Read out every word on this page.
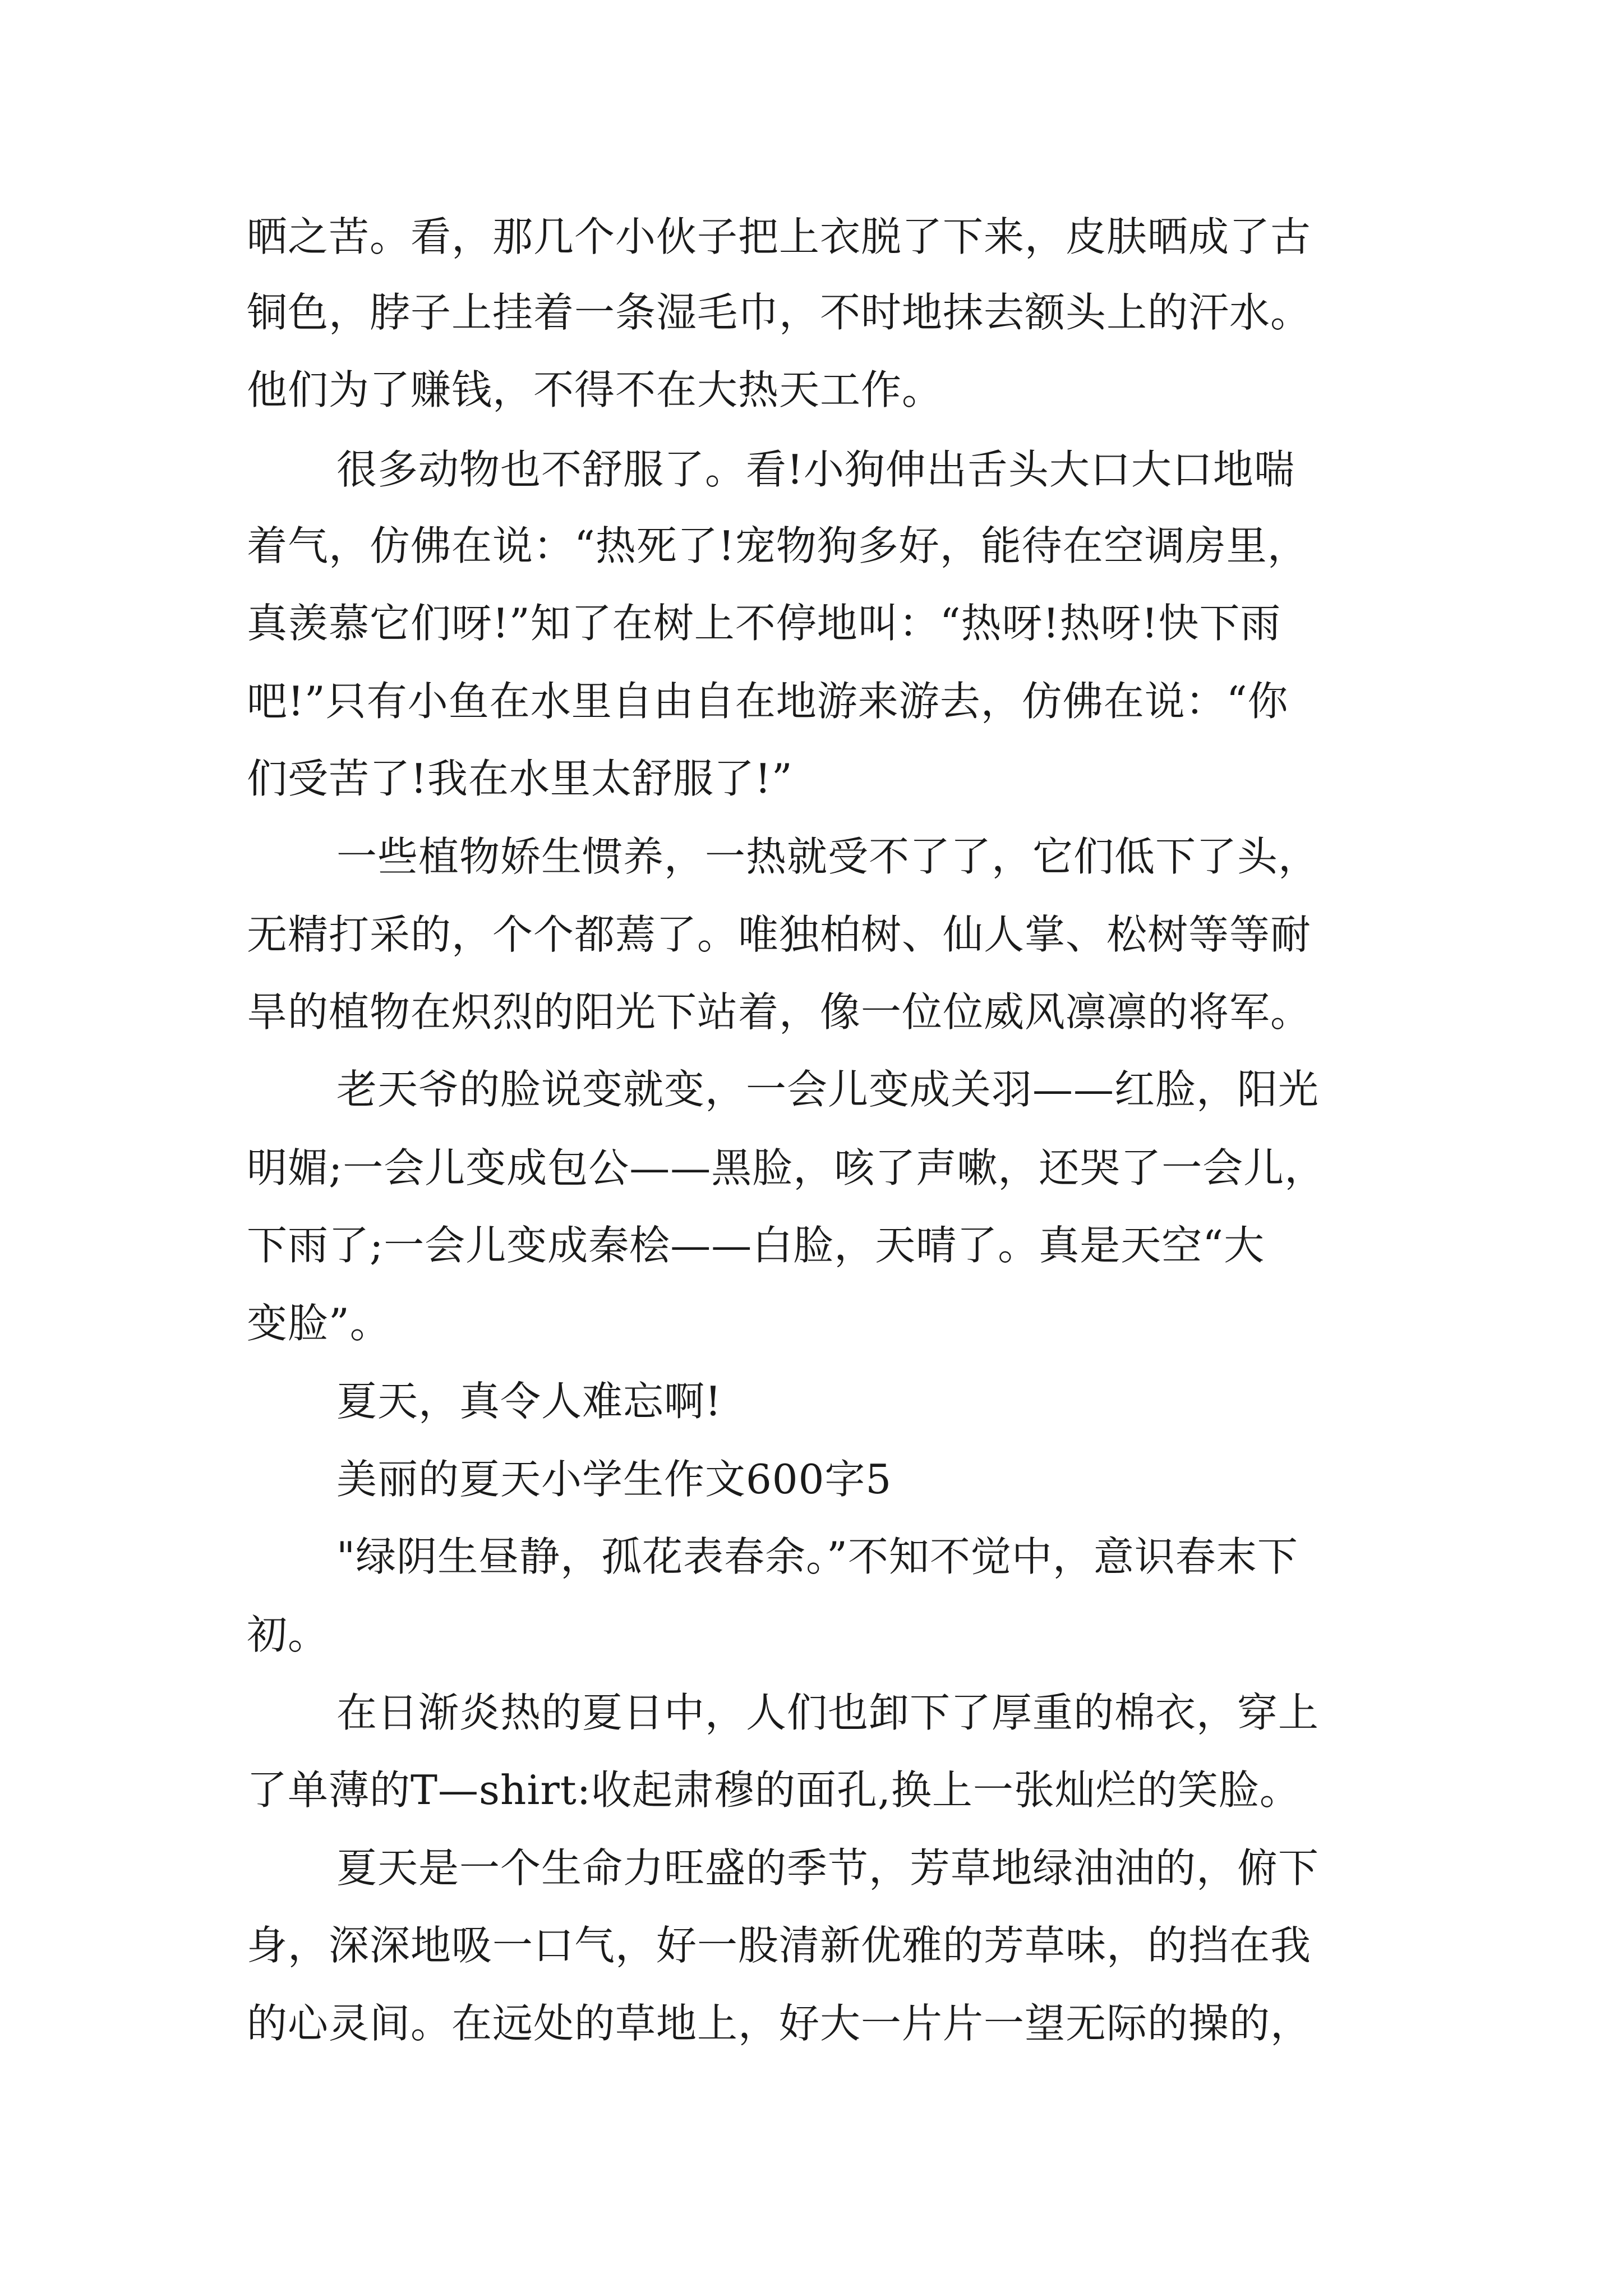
晒之苦。看，那几个小伙子把上衣脱了下来，皮肤晒成了古
铜色，脖子上挂着一条湿毛巾，不时地抹去额头上的汗水。
他们为了赚钱，不得不在大热天工作。
很多动物也不舒服了。看!小狗伸出舌头大口大口地喘
着气，仿佛在说：“热死了!宠物狗多好，能待在空调房里，
真羡慕它们呀!”知了在树上不停地叫：“热呀!热呀!快下雨
吧!”只有小鱼在水里自由自在地游来游去，仿佛在说：“你
们受苦了!我在水里太舒服了!”
一些植物娇生惯养，一热就受不了了，它们低下了头，
无精打采的，个个都蔫了。唯独柏树、仙人掌、松树等等耐
旱的植物在炽烈的阳光下站着，像一位位威风凛凛的将军。
老天爷的脸说变就变，一会儿变成关羽——红脸，阳光
明媚;一会儿变成包公——黑脸，咳了声嗽，还哭了一会儿，
下雨了;一会儿变成秦桧——白脸，天晴了。真是天空“大
变脸”。
夏天，真令人难忘啊!
美丽的夏天小学生作文600字5
"绿阴生昼静，孤花表春余。”不知不觉中，意识春末下
初。
在日渐炎热的夏日中，人们也卸下了厚重的棉衣，穿上
了单薄的T—shirt:收起肃穆的面孔,换上一张灿烂的笑脸。
夏天是一个生命力旺盛的季节，芳草地绿油油的，俯下
身，深深地吸一口气，好一股清新优雅的芳草味，的挡在我
的心灵间。在远处的草地上，好大一片片一望无际的操的，
